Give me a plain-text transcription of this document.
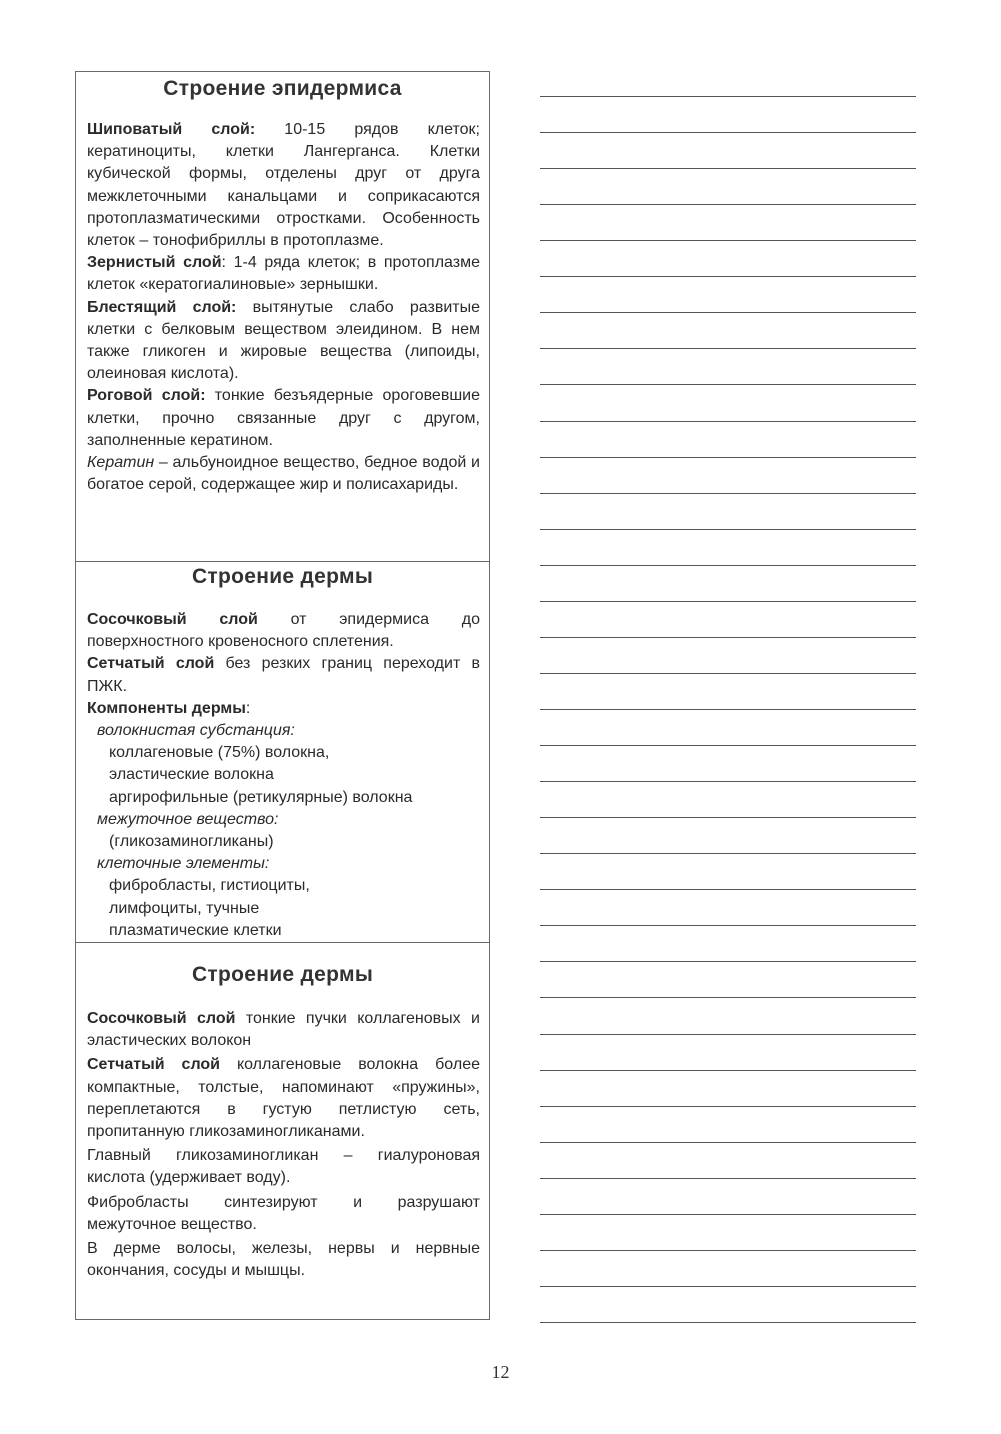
Строение эпидермиса

Шиповатый слой: 10-15 рядов клеток; кератиноциты, клетки Лангерганса. Клетки кубической формы, отделены друг от друга межклеточными канальцами и соприкасаются протоплазматическими отростками. Особенность клеток – тонофибриллы в протоплазме.

Зернистый слой: 1-4 ряда клеток; в протоплазме клеток «кератогиалиновые» зернышки.

Блестящий слой: вытянутые слабо развитые клетки с белковым веществом элеидином. В нем также гликоген и жировые вещества (липоиды, олеиновая кислота).

Роговой слой: тонкие безъядерные ороговевшие клетки, прочно связанные друг с другом, заполненные кератином.

Кератин – альбуноидное вещество, бедное водой и богатое серой, содержащее жир и полисахариды.

Строение дермы

Сосочковый слой от эпидермиса до поверхностного кровеносного сплетения.

Сетчатый слой без резких границ переходит в ПЖК.

Компоненты дермы:

волокнистая субстанция:

коллагеновые (75%) волокна,

эластические волокна

аргирофильные (ретикулярные) волокна

межуточное вещество:

(гликозаминогликаны)

клеточные элементы:

фибробласты, гистиоциты,

лимфоциты, тучные

плазматические клетки

Строение дермы

Сосочковый слой тонкие пучки коллагеновых и эластических волокон

Сетчатый слой коллагеновые волокна более компактные, толстые, напоминают «пружины», переплетаются в густую петлистую сеть, пропитанную гликозаминогликанами.

Главный гликозаминогликан – гиалуроновая кислота (удерживает воду).

Фибробласты синтезируют и разрушают межуточное вещество.

В дерме волосы, железы, нервы и нервные окончания, сосуды и мышцы.

12
